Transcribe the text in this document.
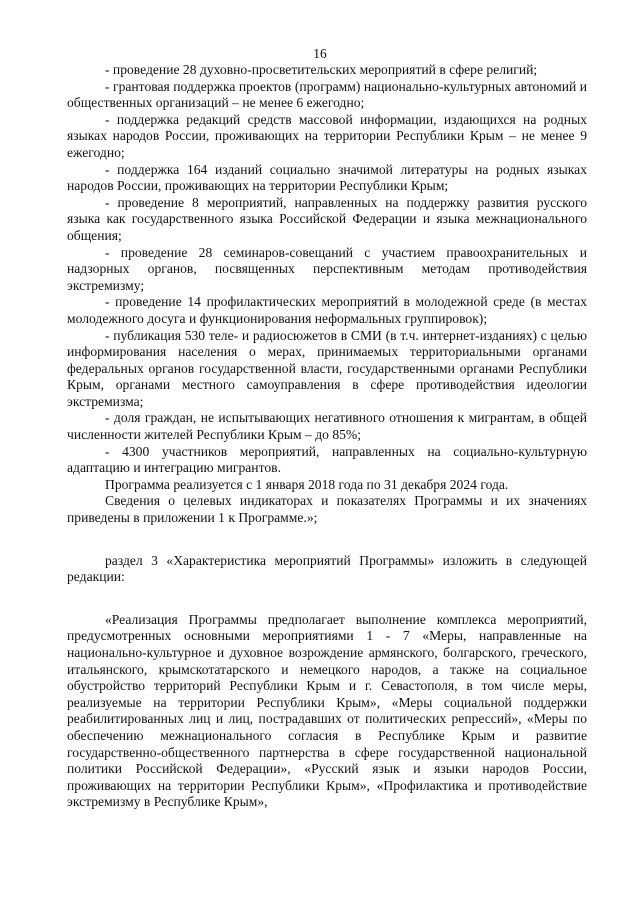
16

- проведение 28 духовно-просветительских мероприятий в сфере религий;

- грантовая поддержка проектов (программ) национально-культурных автономий и общественных организаций – не менее 6 ежегодно;

- поддержка редакций средств массовой информации, издающихся на родных языках народов России, проживающих на территории Республики Крым – не менее 9 ежегодно;

- поддержка 164 изданий социально значимой литературы на родных языках народов России, проживающих на территории Республики Крым;

- проведение 8 мероприятий, направленных на поддержку развития русского языка как государственного языка Российской Федерации и языка межнационального общения;

- проведение 28 семинаров-совещаний с участием правоохранительных и надзорных органов, посвященных перспективным методам противодействия экстремизму;

- проведение 14 профилактических мероприятий в молодежной среде (в местах молодежного досуга и функционирования неформальных группировок);

- публикация 530 теле- и радиосюжетов в СМИ (в т.ч. интернет-изданиях) с целью информирования населения о мерах, принимаемых территориальными органами федеральных органов государственной власти, государственными органами Республики Крым, органами местного самоуправления в сфере противодействия идеологии экстремизма;

- доля граждан, не испытывающих негативного отношения к мигрантам, в общей численности жителей Республики Крым – до 85%;

- 4300 участников мероприятий, направленных на социально-культурную адаптацию и интеграцию мигрантов.

Программа реализуется с 1 января 2018 года по 31 декабря 2024 года.

Сведения о целевых индикаторах и показателях Программы и их значениях приведены в приложении 1 к Программе.»;

раздел 3 «Характеристика мероприятий Программы» изложить в следующей редакции:

«Реализация Программы предполагает выполнение комплекса мероприятий, предусмотренных основными мероприятиями 1 - 7 «Меры, направленные на национально-культурное и духовное возрождение армянского, болгарского, греческого, итальянского, крымскотатарского и немецкого народов, а также на социальное обустройство территорий Республики Крым и г. Севастополя, в том числе меры, реализуемые на территории Республики Крым», «Меры социальной поддержки реабилитированных лиц и лиц, пострадавших от политических репрессий», «Меры по обеспечению межнационального согласия в Республике Крым и развитие государственно-общественного партнерства в сфере государственной национальной политики Российской Федерации», «Русский язык и языки народов России, проживающих на территории Республики Крым», «Профилактика и противодействие экстремизму в Республике Крым»,
